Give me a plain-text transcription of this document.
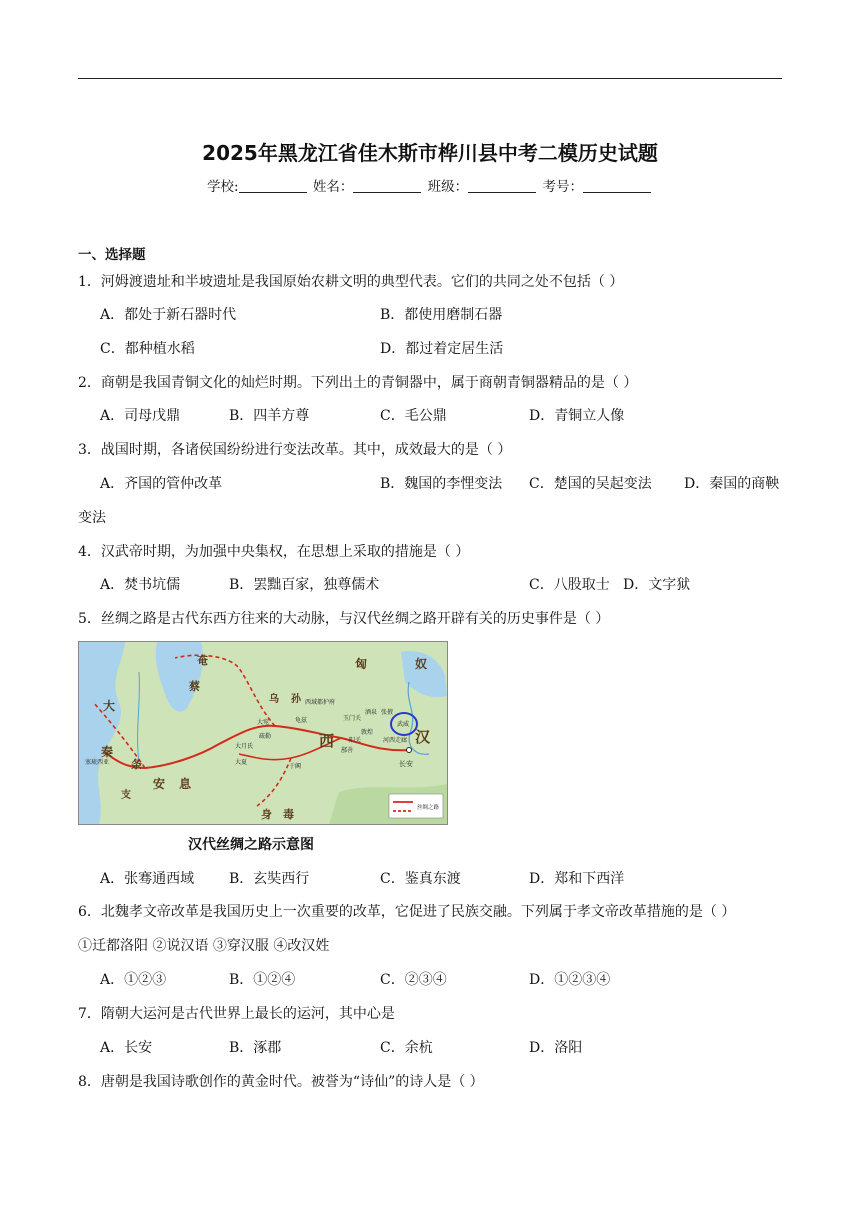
2025年黑龙江省佳木斯市桦川县中考二模历史试题
学校:	姓名：	班级：	考号：
一、选择题
1．河姆渡遗址和半坡遗址是我国原始农耕文明的典型代表。它们的共同之处不包括（ ）
A．都处于新石器时代	B．都使用磨制石器
C．都种植水稻	D．都过着定居生活
2．商朝是我国青铜文化的灿烂时期。下列出土的青铜器中，属于商朝青铜器精品的是（ ）
A．司母戊鼎	B．四羊方尊	C．毛公鼎	D．青铜立人像
3．战国时期，各诸侯国纷纷进行变法改革。其中，成效最大的是（ ）
A．齐国的管仲改革	B．魏国的李悝变法 C．楚国的吴起变法 D．秦国的商鞅
变法
4．汉武帝时期，为加强中央集权，在思想上采取的措施是（ ）
A．焚书坑儒	B．罢黜百家，独尊儒术	C．八股取士 D．文字狱
5．丝绸之路是古代东西方往来的大动脉，与汉代丝绸之路开辟有关的历史事件是（ ）
匈	奴
奄
蔡
乌 孙
西	汉
大
秦
条
支
安 息
身 毒
西域都护府
大宛	龟兹
疏勒
于阗
大月氏
大夏
鄯善
玉门关
敦煌
酒泉 张掖
武威
阳关	河西走廊
塞琉西亚	长安
丝绸之路
汉代丝绸之路示意图
A．张骞通西域 B．玄奘西行	C．鉴真东渡	D．郑和下西洋
6．北魏孝文帝改革是我国历史上一次重要的改革，它促进了民族交融。下列属于孝文帝改革措施的是（ ）
①迁都洛阳 ②说汉语 ③穿汉服 ④改汉姓
A．①②③	B．①②④	C．②③④	D．①②③④
7．隋朝大运河是古代世界上最长的运河，其中心是
A．长安	B．涿郡	C．余杭	D．洛阳
8．唐朝是我国诗歌创作的黄金时代。被誉为“诗仙”的诗人是（ ）
